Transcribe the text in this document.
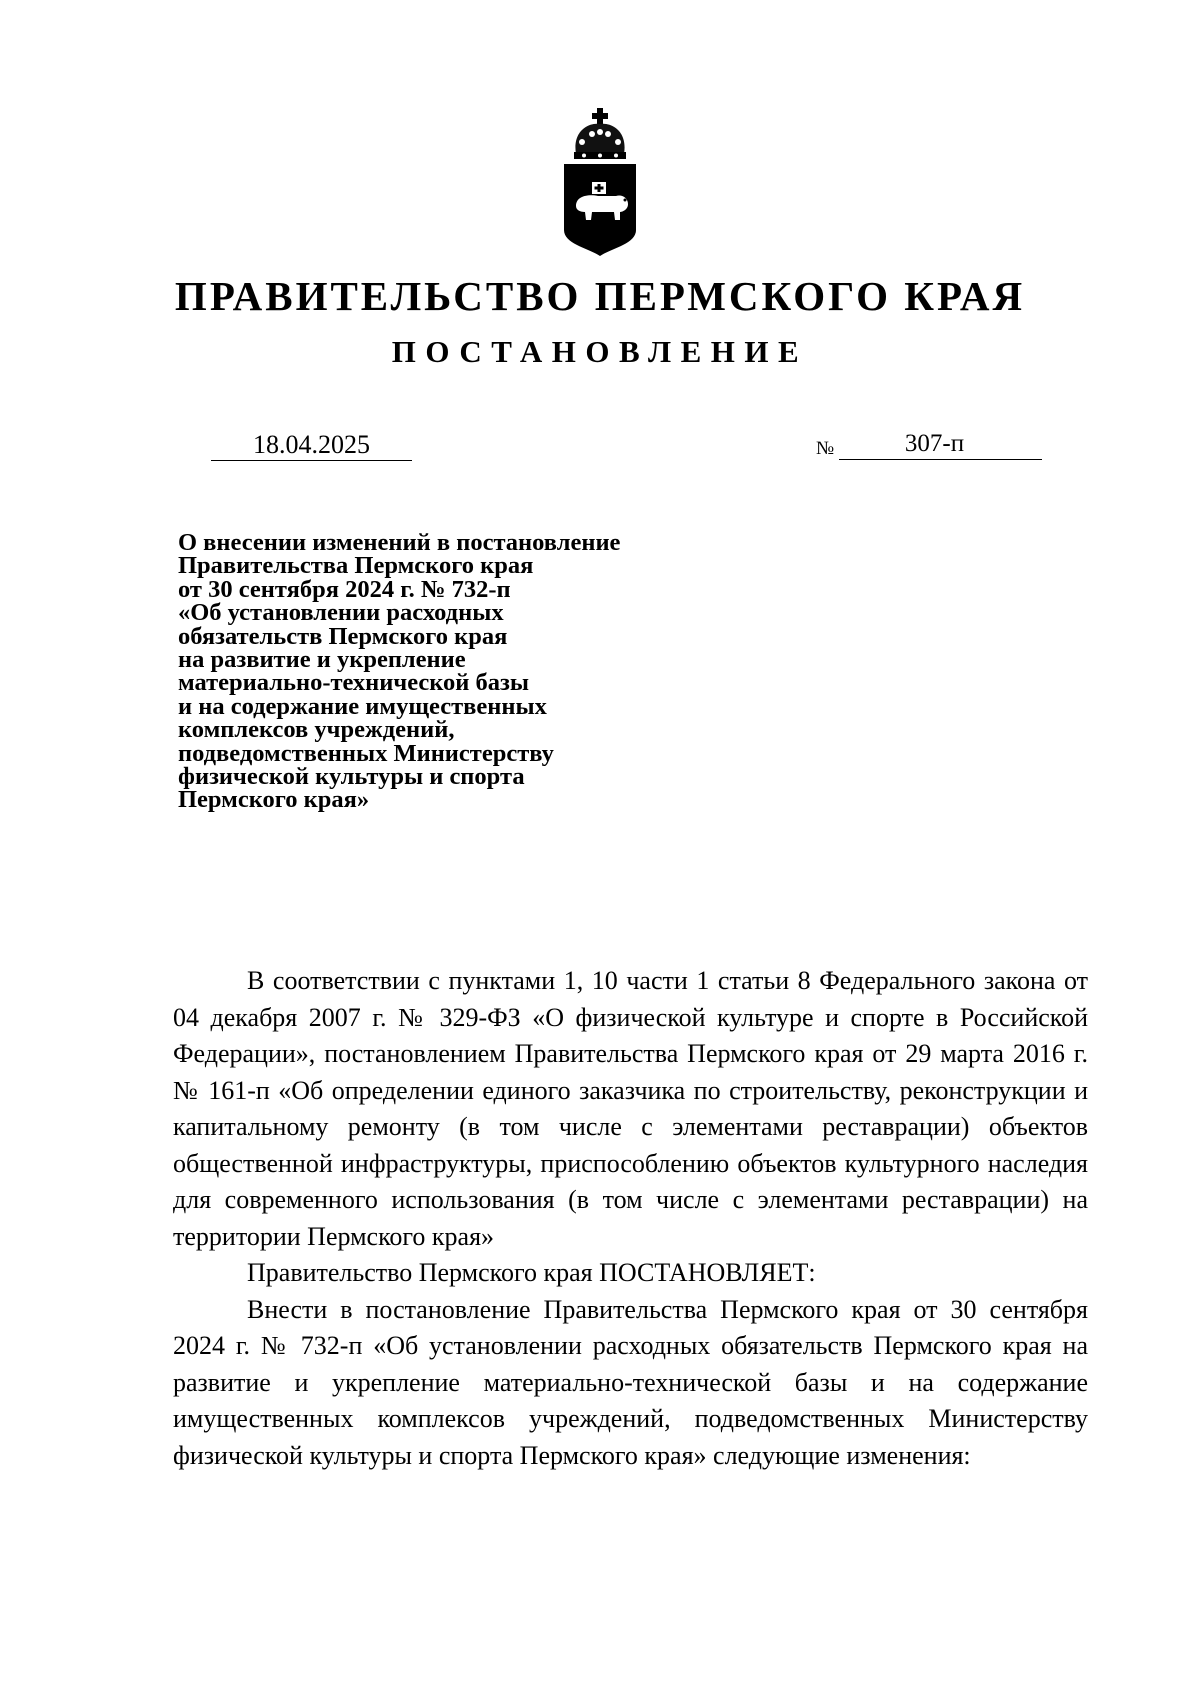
ПРАВИТЕЛЬСТВО ПЕРМСКОГО КРАЯ
ПОСТАНОВЛЕНИЕ
18.04.2025	№	307-п
О внесении изменений в постановление
Правительства Пермского края
от 30 сентября 2024 г. № 732-п
«Об установлении расходных
обязательств Пермского края
на развитие и укрепление
материально-технической базы
и на содержание имущественных
комплексов учреждений,
подведомственных Министерству
физической культуры и спорта
Пермского края»

В соответствии с пунктами 1, 10 части 1 статьи 8 Федерального закона от 04 декабря 2007 г. № 329-ФЗ «О физической культуре и спорте в Российской Федерации», постановлением Правительства Пермского края от 29 марта 2016 г. № 161-п «Об определении единого заказчика по строительству, реконструкции и капитальному ремонту (в том числе с элементами реставрации) объектов общественной инфраструктуры, приспособлению объектов культурного наследия для современного использования (в том числе с элементами реставрации) на территории Пермского края»

Правительство Пермского края ПОСТАНОВЛЯЕТ:

Внести в постановление Правительства Пермского края от 30 сентября 2024 г. № 732-п «Об установлении расходных обязательств Пермского края на развитие и укрепление материально-технической базы и на содержание имущественных комплексов учреждений, подведомственных Министерству физической культуры и спорта Пермского края» следующие изменения:
